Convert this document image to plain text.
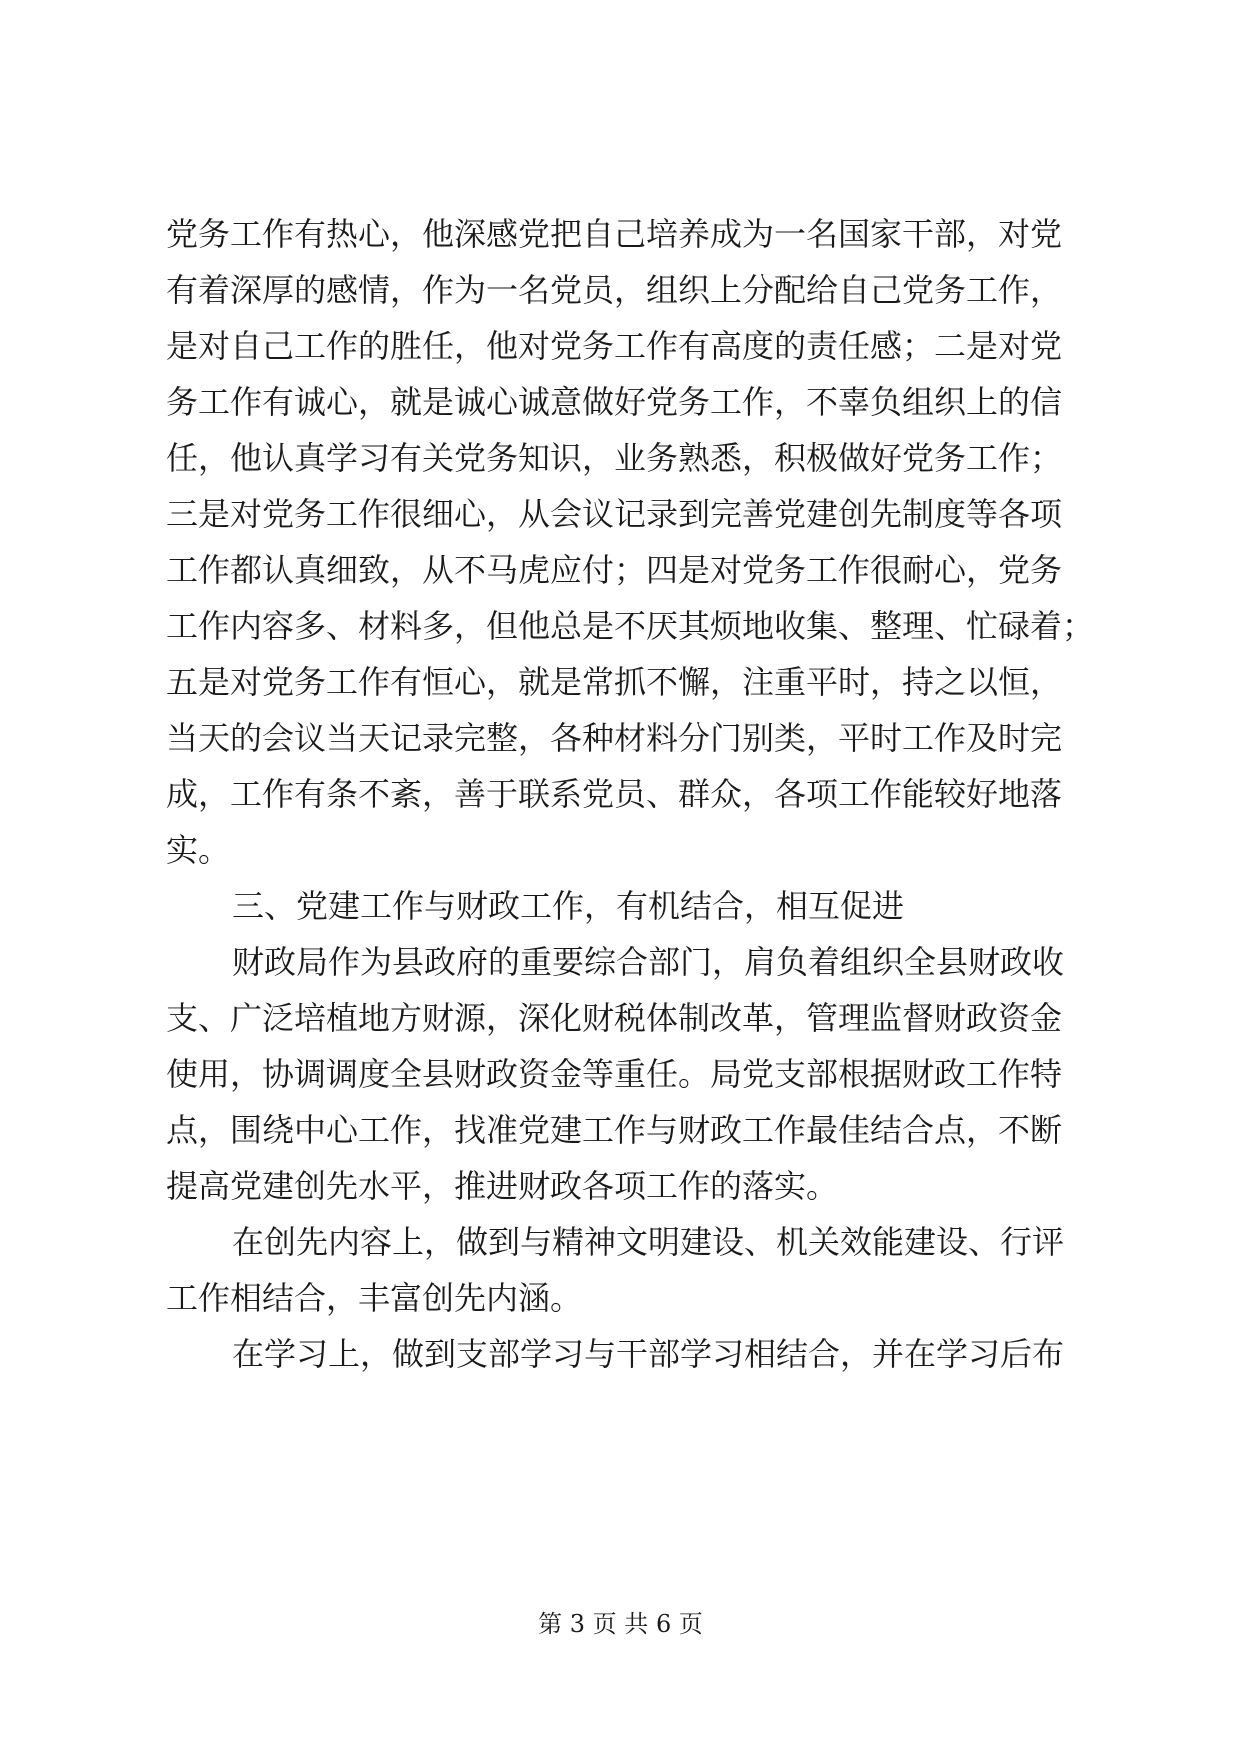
党务工作有热心，他深感党把自己培养成为一名国家干部，对党
有着深厚的感情，作为一名党员，组织上分配给自己党务工作，
是对自己工作的胜任，他对党务工作有高度的责任感；二是对党
务工作有诚心，就是诚心诚意做好党务工作，不辜负组织上的信
任，他认真学习有关党务知识，业务熟悉，积极做好党务工作；
三是对党务工作很细心，从会议记录到完善党建创先制度等各项
工作都认真细致，从不马虎应付；四是对党务工作很耐心，党务
工作内容多、材料多，但他总是不厌其烦地收集、整理、忙碌着；
五是对党务工作有恒心，就是常抓不懈，注重平时，持之以恒，
当天的会议当天记录完整，各种材料分门别类，平时工作及时完
成，工作有条不紊，善于联系党员、群众，各项工作能较好地落
实。
三、党建工作与财政工作，有机结合，相互促进
财政局作为县政府的重要综合部门，肩负着组织全县财政收
支、广泛培植地方财源，深化财税体制改革，管理监督财政资金
使用，协调调度全县财政资金等重任。局党支部根据财政工作特
点，围绕中心工作，找准党建工作与财政工作最佳结合点，不断
提高党建创先水平，推进财政各项工作的落实。
在创先内容上，做到与精神文明建设、机关效能建设、行评
工作相结合，丰富创先内涵。
在学习上，做到支部学习与干部学习相结合，并在学习后布
第 3 页 共 6 页
